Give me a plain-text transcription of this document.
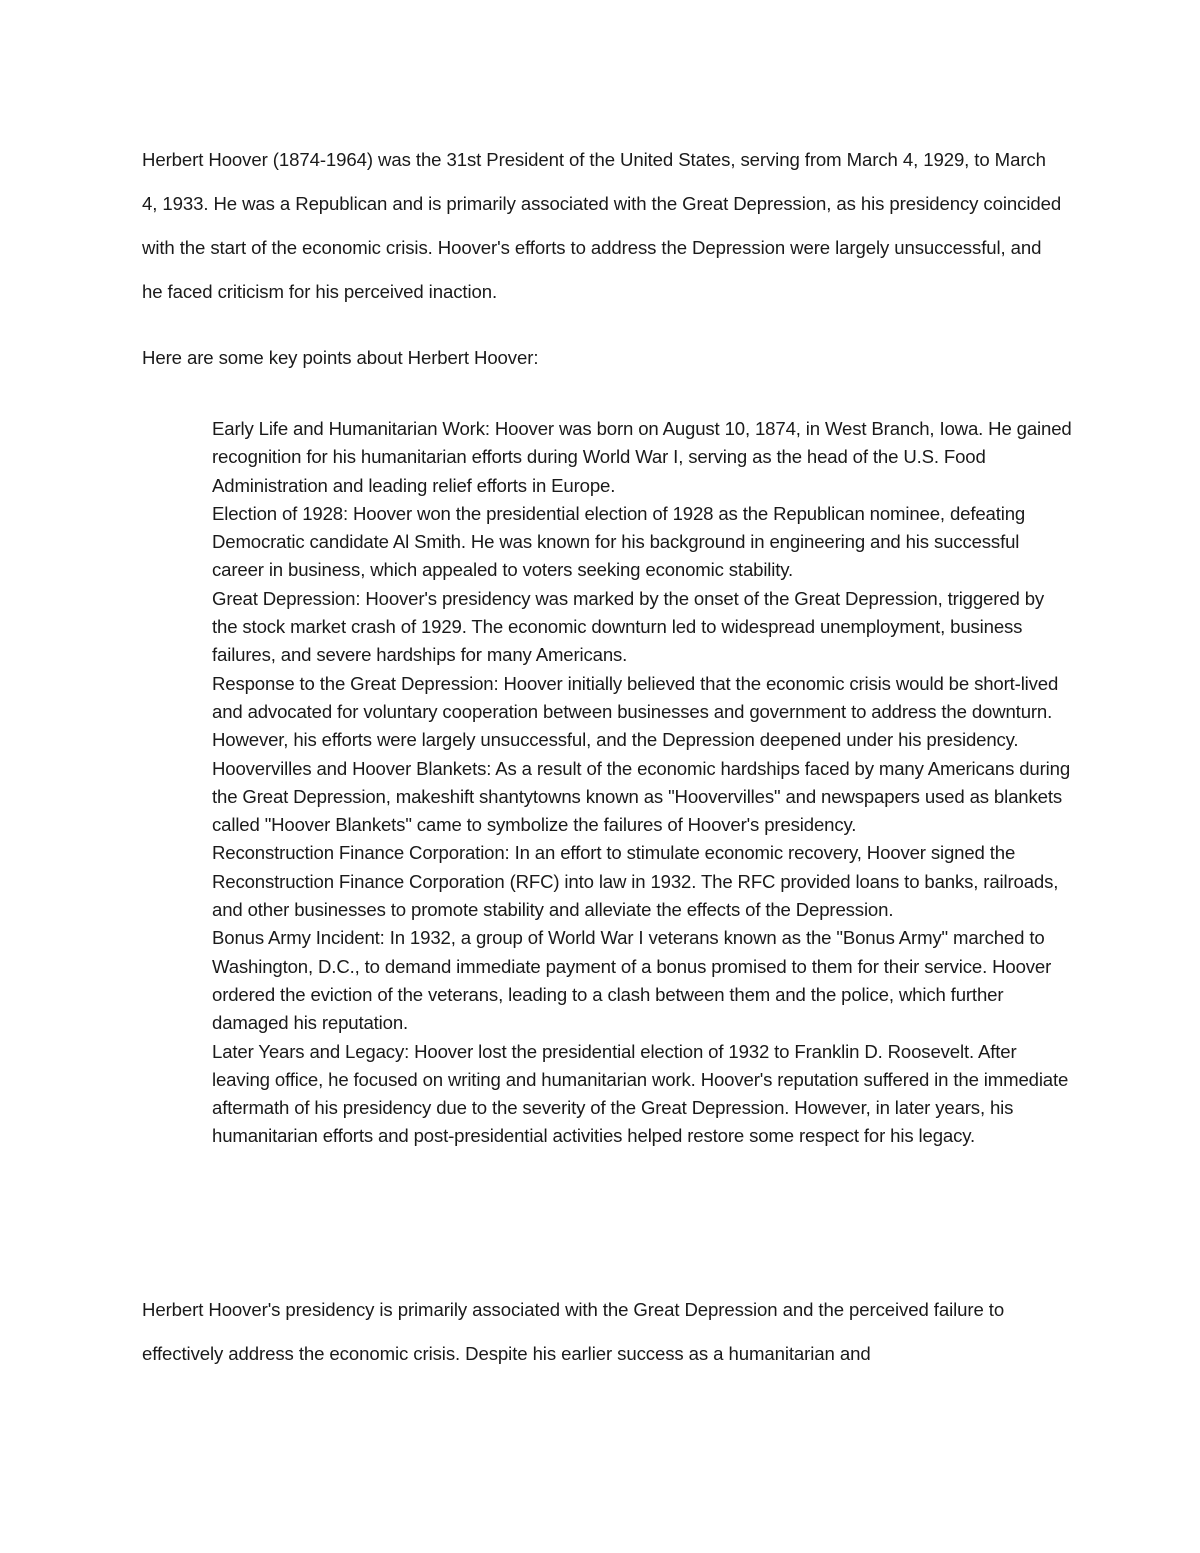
Herbert Hoover (1874-1964) was the 31st President of the United States, serving from March 4, 1929, to March 4, 1933. He was a Republican and is primarily associated with the Great Depression, as his presidency coincided with the start of the economic crisis. Hoover's efforts to address the Depression were largely unsuccessful, and he faced criticism for his perceived inaction.

Here are some key points about Herbert Hoover:

Early Life and Humanitarian Work: Hoover was born on August 10, 1874, in West Branch, Iowa. He gained recognition for his humanitarian efforts during World War I, serving as the head of the U.S. Food Administration and leading relief efforts in Europe.
Election of 1928: Hoover won the presidential election of 1928 as the Republican nominee, defeating Democratic candidate Al Smith. He was known for his background in engineering and his successful career in business, which appealed to voters seeking economic stability.
Great Depression: Hoover's presidency was marked by the onset of the Great Depression, triggered by the stock market crash of 1929. The economic downturn led to widespread unemployment, business failures, and severe hardships for many Americans.
Response to the Great Depression: Hoover initially believed that the economic crisis would be short-lived and advocated for voluntary cooperation between businesses and government to address the downturn. However, his efforts were largely unsuccessful, and the Depression deepened under his presidency.
Hoovervilles and Hoover Blankets: As a result of the economic hardships faced by many Americans during the Great Depression, makeshift shantytowns known as "Hoovervilles" and newspapers used as blankets called "Hoover Blankets" came to symbolize the failures of Hoover's presidency.
Reconstruction Finance Corporation: In an effort to stimulate economic recovery, Hoover signed the Reconstruction Finance Corporation (RFC) into law in 1932. The RFC provided loans to banks, railroads, and other businesses to promote stability and alleviate the effects of the Depression.
Bonus Army Incident: In 1932, a group of World War I veterans known as the "Bonus Army" marched to Washington, D.C., to demand immediate payment of a bonus promised to them for their service. Hoover ordered the eviction of the veterans, leading to a clash between them and the police, which further damaged his reputation.
Later Years and Legacy: Hoover lost the presidential election of 1932 to Franklin D. Roosevelt. After leaving office, he focused on writing and humanitarian work. Hoover's reputation suffered in the immediate aftermath of his presidency due to the severity of the Great Depression. However, in later years, his humanitarian efforts and post-presidential activities helped restore some respect for his legacy.

Herbert Hoover's presidency is primarily associated with the Great Depression and the perceived failure to effectively address the economic crisis. Despite his earlier success as a humanitarian and
